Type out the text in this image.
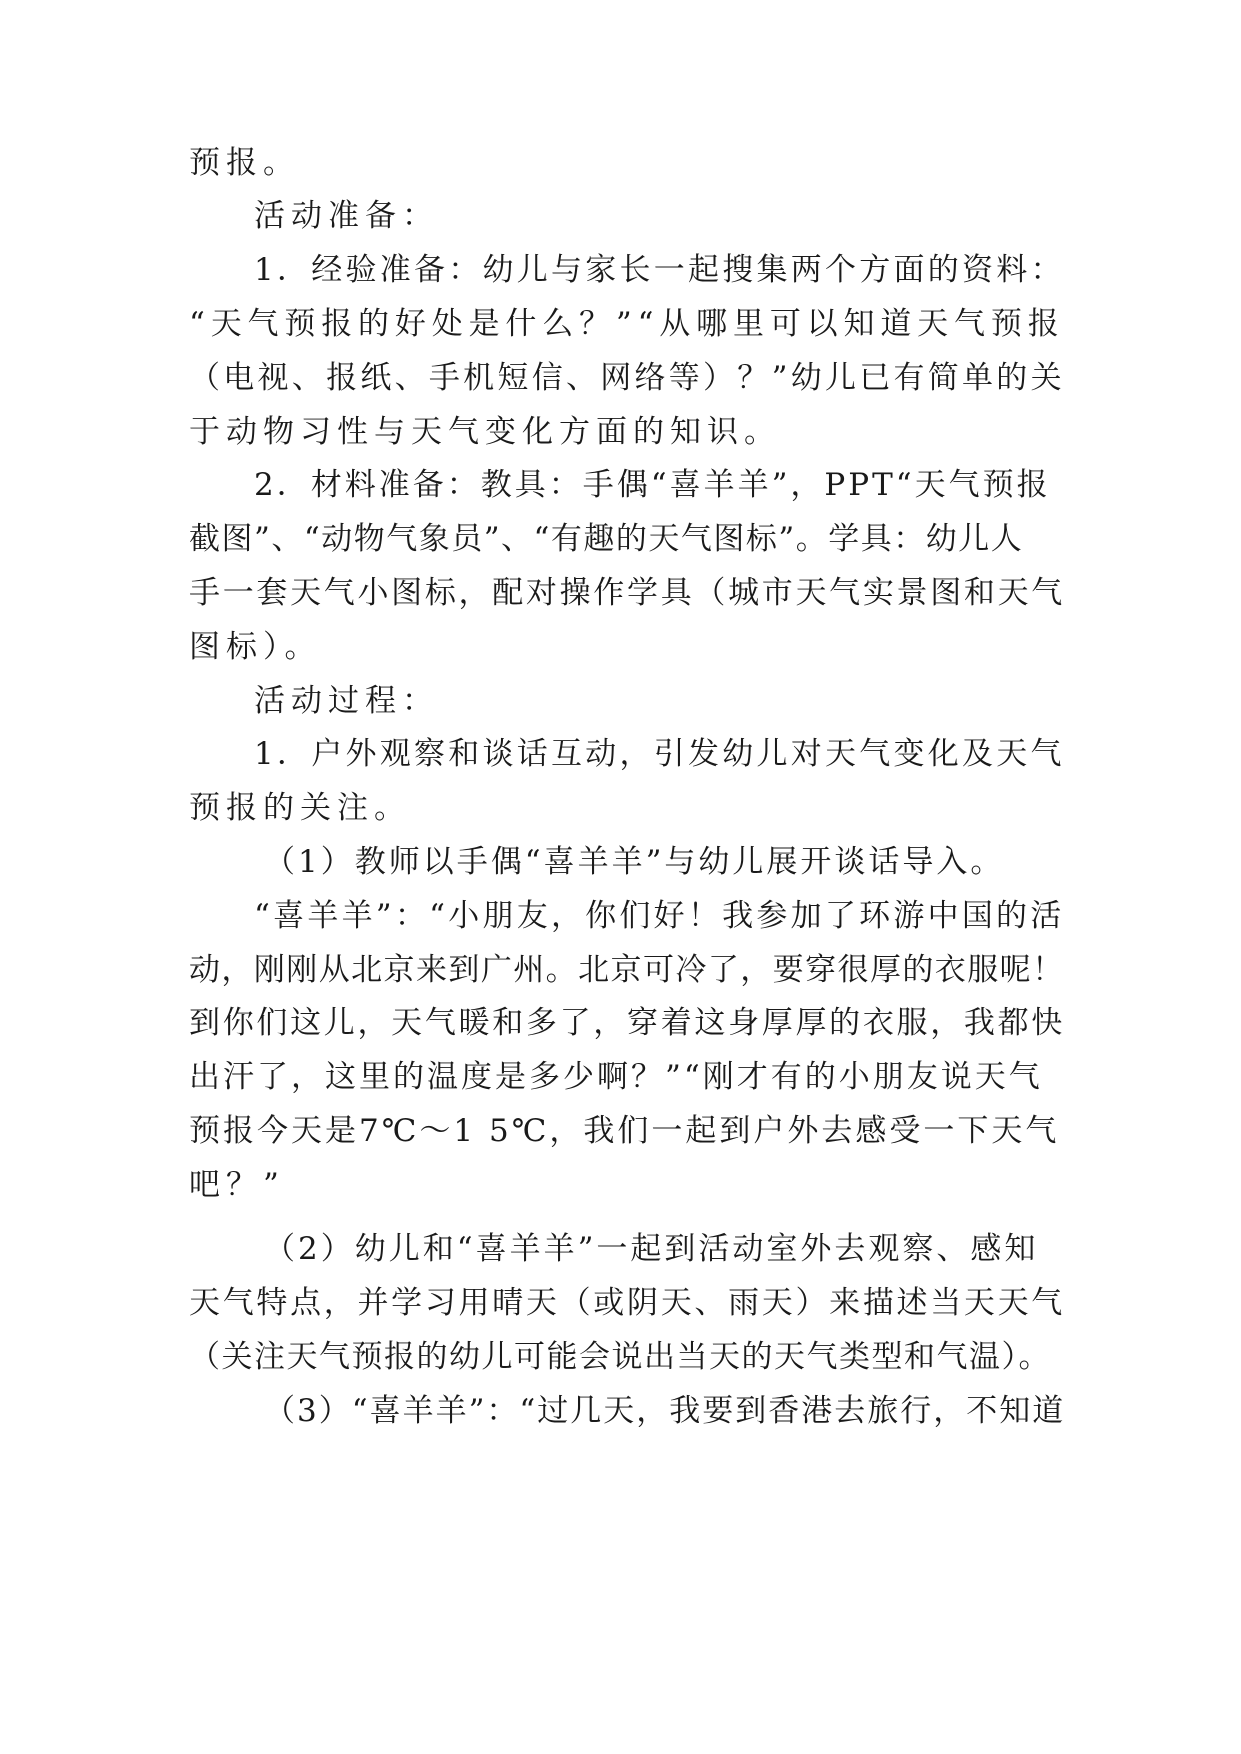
预报。
活动准备：
1．经验准备：幼儿与家长一起搜集两个方面的资料：
“天气预报的好处是什么？”“从哪里可以知道天气预报
（电视、报纸、手机短信、网络等）？”幼儿已有简单的关
于动物习性与天气变化方面的知识。
2．材料准备：教具：手偶“喜羊羊”，PPT“天气预报
截图”、“动物气象员”、“有趣的天气图标”。学具：幼儿人
手一套天气小图标，配对操作学具（城市天气实景图和天气
图标）。
活动过程：
1．户外观察和谈话互动，引发幼儿对天气变化及天气
预报的关注。
（1）教师以手偶“喜羊羊”与幼儿展开谈话导入。
“喜羊羊”：“小朋友，你们好！我参加了环游中国的活
动，刚刚从北京来到广州。北京可冷了，要穿很厚的衣服呢！
到你们这儿，天气暖和多了，穿着这身厚厚的衣服，我都快
出汗了，这里的温度是多少啊？”“刚才有的小朋友说天气
预报今天是7℃～1 5℃，我们一起到户外去感受一下天气
吧？”
（2）幼儿和“喜羊羊”一起到活动室外去观察、感知
天气特点，并学习用晴天（或阴天、雨天）来描述当天天气
（关注天气预报的幼儿可能会说出当天的天气类型和气温）。
（3）“喜羊羊”：“过几天，我要到香港去旅行，不知道
